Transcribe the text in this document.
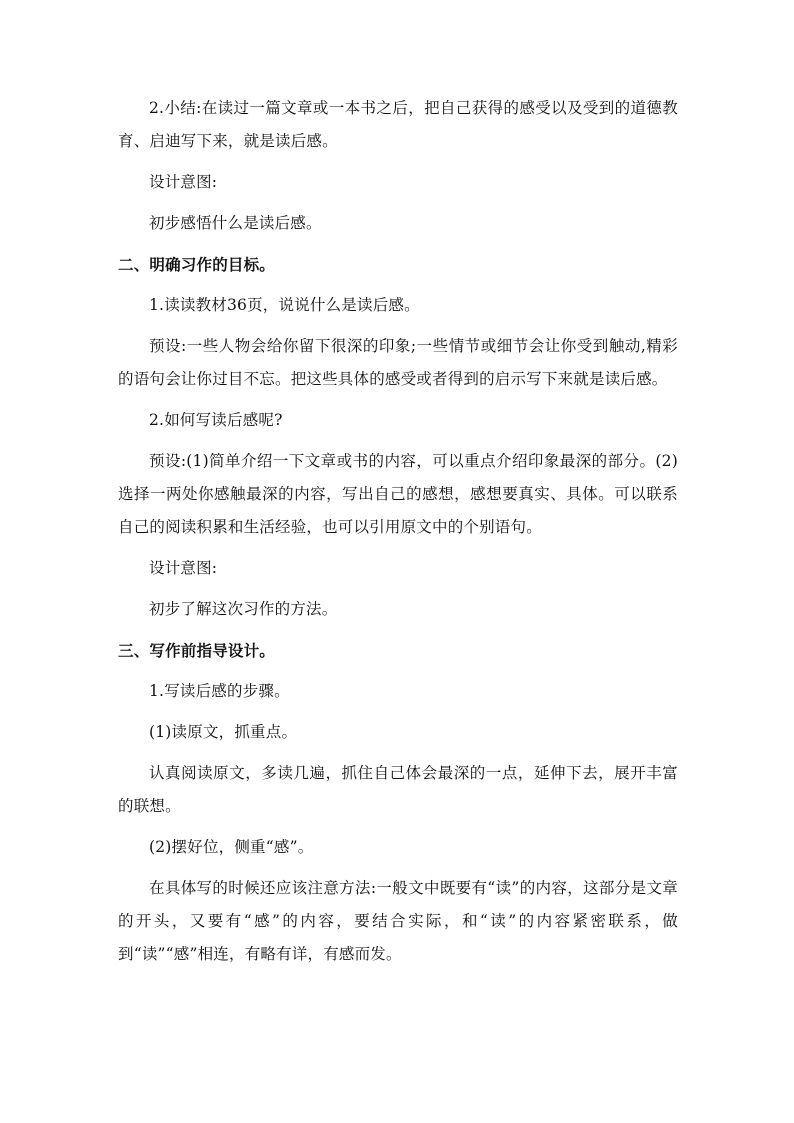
2.小结:在读过一篇文章或一本书之后，把自己获得的感受以及受到的道德教育、启迪写下来，就是读后感。

设计意图:

初步感悟什么是读后感。

二、明确习作的目标。

1.读读教材36页，说说什么是读后感。

预设:一些人物会给你留下很深的印象;一些情节或细节会让你受到触动,精彩的语句会让你过目不忘。把这些具体的感受或者得到的启示写下来就是读后感。

2.如何写读后感呢?

预设:(1)简单介绍一下文章或书的内容，可以重点介绍印象最深的部分。(2)选择一两处你感触最深的内容，写出自己的感想，感想要真实、具体。可以联系自己的阅读积累和生活经验，也可以引用原文中的个别语句。

设计意图:

初步了解这次习作的方法。

三、写作前指导设计。

1.写读后感的步骤。

(1)读原文，抓重点。

认真阅读原文，多读几遍，抓住自己体会最深的一点，延伸下去，展开丰富的联想。

(2)摆好位，侧重“感”。

在具体写的时候还应该注意方法:一般文中既要有“读”的内容，这部分是文章的开头，又要有“感”的内容，要结合实际，和“读”的内容紧密联系，做到“读”“感”相连，有略有详，有感而发。
